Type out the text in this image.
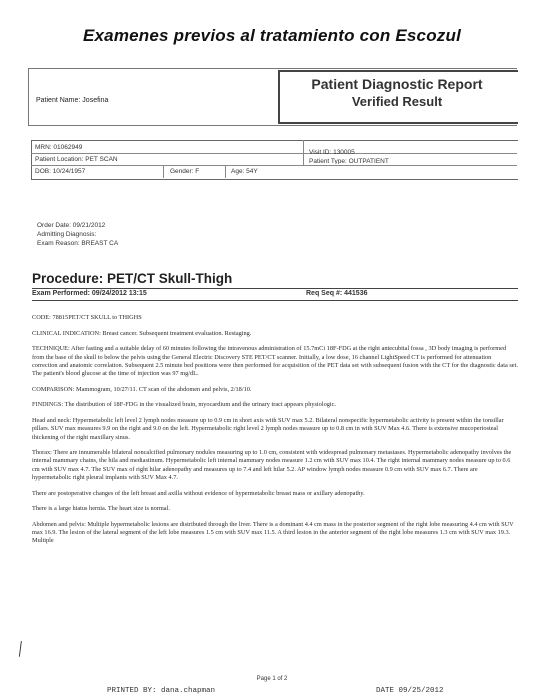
Examenes previos al tratamiento con Escozul
Patient Diagnostic Report
Verified Result
Patient Name: Josefina
MRN: 01062949
Patient Location: PET SCAN
DOB: 10/24/1957	Gender: F	Age: 54Y
Visit ID: 130005
Patient Type: OUTPATIENT
Order Date: 09/21/2012
Admitting Diagnosis:
Exam Reason: BREAST CA
Procedure: PET/CT Skull-Thigh
Exam Performed: 09/24/2012 13:15	Req Seq #: 441536

CODE: 78815PET/CT SKULL to THIGHS

CLINICAL INDICATION: Breast cancer. Subsequent treatment evaluation. Restaging.

TECHNIQUE: After fasting and a suitable delay of 60 minutes following the intravenous administration of 15.7mCi 18F-FDG at the right antecubital fossa , 3D body imaging is performed from the base of the skull to below the pelvis using the General Electric Discovery STE PET/CT scanner. Initially, a low dose, 16 channel LightSpeed CT is performed for attenuation correction and anatomic correlation. Subsequent 2.5 minute bed positions were then performed for acquisition of the PET data set with subsequent fusion with the CT for the diagnostic data set. The patient's blood glucose at the time of injection was 97 mg/dL.

COMPARISON: Mammogram, 10/27/11. CT scan of the abdomen and pelvis, 2/18/10.

FINDINGS: The distribution of 18F-FDG in the visualized brain, myocardium and the urinary tract appears physiologic.

Head and neck: Hypermetabolic left level 2 lymph nodes measure up to 0.9 cm in short axis with SUV max 5.2. Bilateral nonspecific hypermetabolic activity is present within the tonsillar pillars. SUV max measures 9.9 on the right and 9.0 on the left. Hypermetabolic right level 2 lymph nodes measure up to 0.8 cm in with SUV Max 4.6. There is extensive mucoperiosteal thickening of the right maxillary sinus.

Thorax: There are innumerable bilateral noncalcified pulmonary nodules measuring up to 1.0 cm, consistent with widespread pulmonary metastases. Hypermetabolic adenopathy involves the internal mammary chains, the hila and mediastinum. Hypermetabolic left internal mammary nodes measure 1.2 cm with SUV max 10.4. The right internal mammary nodes measure up to 0.6 cm with SUV max 4.7. The SUV max of right hilar adenopathy and measures up to 7.4 and left hilar 5.2. AP window lymph nodes measure 0.9 cm with SUV max 6.7. There are hypermetabolic right pleural implants with SUV Max 4.7.

There are postoperative changes of the left breast and axilla without evidence of hypermetabolic breast mass or axillary adenopathy.

There is a large hiatus hernia. The heart size is normal.

Abdomen and pelvis: Multiple hypermetabolic lesions are distributed through the liver. There is a dominant 4.4 cm mass in the posterior segment of the right lobe measuring 4.4 cm with SUV max 16.9. The lesion of the lateral segment of the left lobe measures 1.5 cm with SUV max 11.5. A third lesion in the anterior segment of the right lobe measures 1.3 cm with SUV max 19.3. Multiple

╱
Page 1 of 2
PRINTED BY: dana.chapman	DATE 09/25/2012
